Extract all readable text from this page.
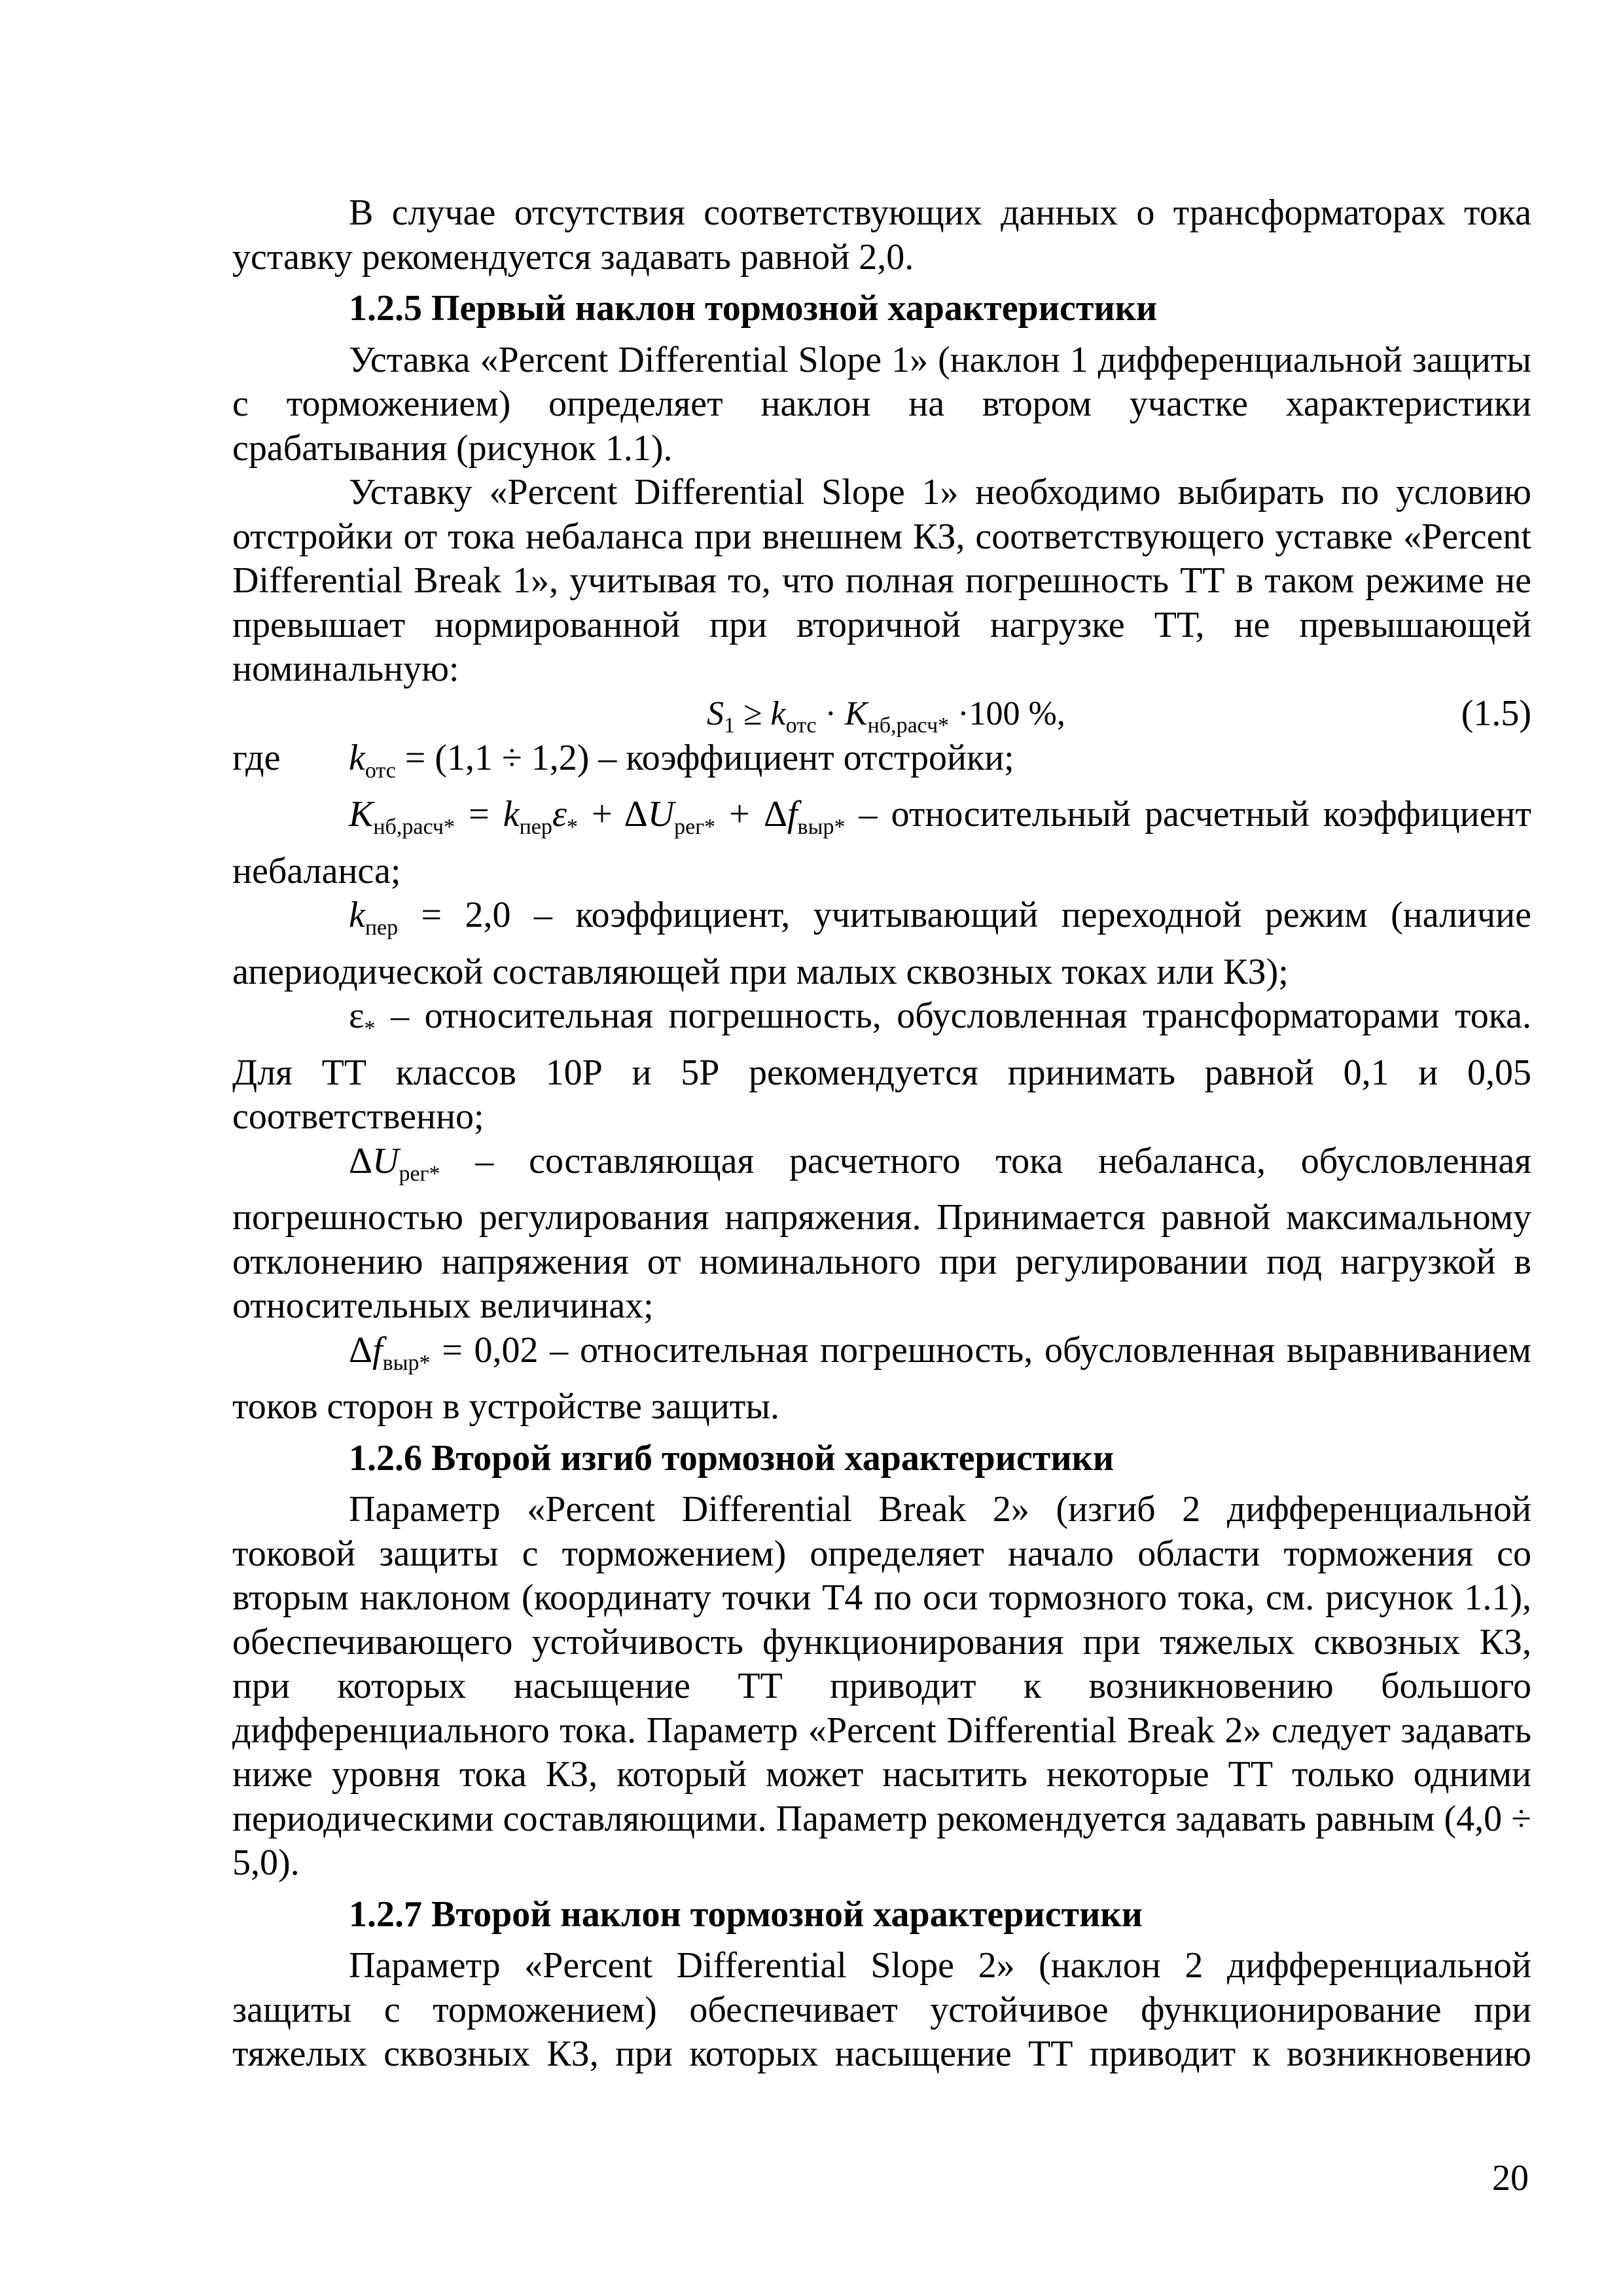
В случае отсутствия соответствующих данных о трансформаторах тока уставку рекомендуется задавать равной 2,0.

1.2.5 Первый наклон тормозной характеристики

Уставка «Percent Differential Slope 1» (наклон 1 дифференциальной защиты с торможением) определяет наклон на втором участке характеристики срабатывания (рисунок 1.1).

Уставку «Percent Differential Slope 1» необходимо выбирать по условию отстройки от тока небаланса при внешнем КЗ, соответствующего уставке «Percent Differential Break 1», учитывая то, что полная погрешность ТТ в таком режиме не превышает нормированной при вторичной нагрузке ТТ, не превышающей номинальную:

$S_1 \ge k_{отс} \cdot K_{нб,расч*} \cdot 100$ %,	(1.5)

где $k_{отс} = (1,1 \div 1,2)$ – коэффициент отстройки;

$K_{нб,расч*} = k_{пер}\varepsilon_* + \Delta U_{рег*} + \Delta f_{выр*}$ – относительный расчетный коэффициент небаланса;

$k_{пер} = 2,0$ – коэффициент, учитывающий переходной режим (наличие апериодической составляющей при малых сквозных токах или КЗ);

$\varepsilon_*$ – относительная погрешность, обусловленная трансформаторами тока. Для ТТ классов 10Р и 5Р рекомендуется принимать равной 0,1 и 0,05 соответственно;

$\Delta U_{рег*}$ – составляющая расчетного тока небаланса, обусловленная погрешностью регулирования напряжения. Принимается равной максимальному отклонению напряжения от номинального при регулировании под нагрузкой в относительных величинах;

$\Delta f_{выр*} = 0,02$ – относительная погрешность, обусловленная выравниванием токов сторон в устройстве защиты.

1.2.6 Второй изгиб тормозной характеристики

Параметр «Percent Differential Break 2» (изгиб 2 дифференциальной токовой защиты с торможением) определяет начало области торможения со вторым наклоном (координату точки Т4 по оси тормозного тока, см. рисунок 1.1), обеспечивающего устойчивость функционирования при тяжелых сквозных КЗ, при которых насыщение ТТ приводит к возникновению большого дифференциального тока. Параметр «Percent Differential Break 2» следует задавать ниже уровня тока КЗ, который может насытить некоторые ТТ только одними периодическими составляющими. Параметр рекомендуется задавать равным (4,0 ÷ 5,0).

1.2.7 Второй наклон тормозной характеристики

Параметр «Percent Differential Slope 2» (наклон 2 дифференциальной защиты с торможением) обеспечивает устойчивое функционирование при тяжелых сквозных КЗ, при которых насыщение ТТ приводит к возникновению

20
